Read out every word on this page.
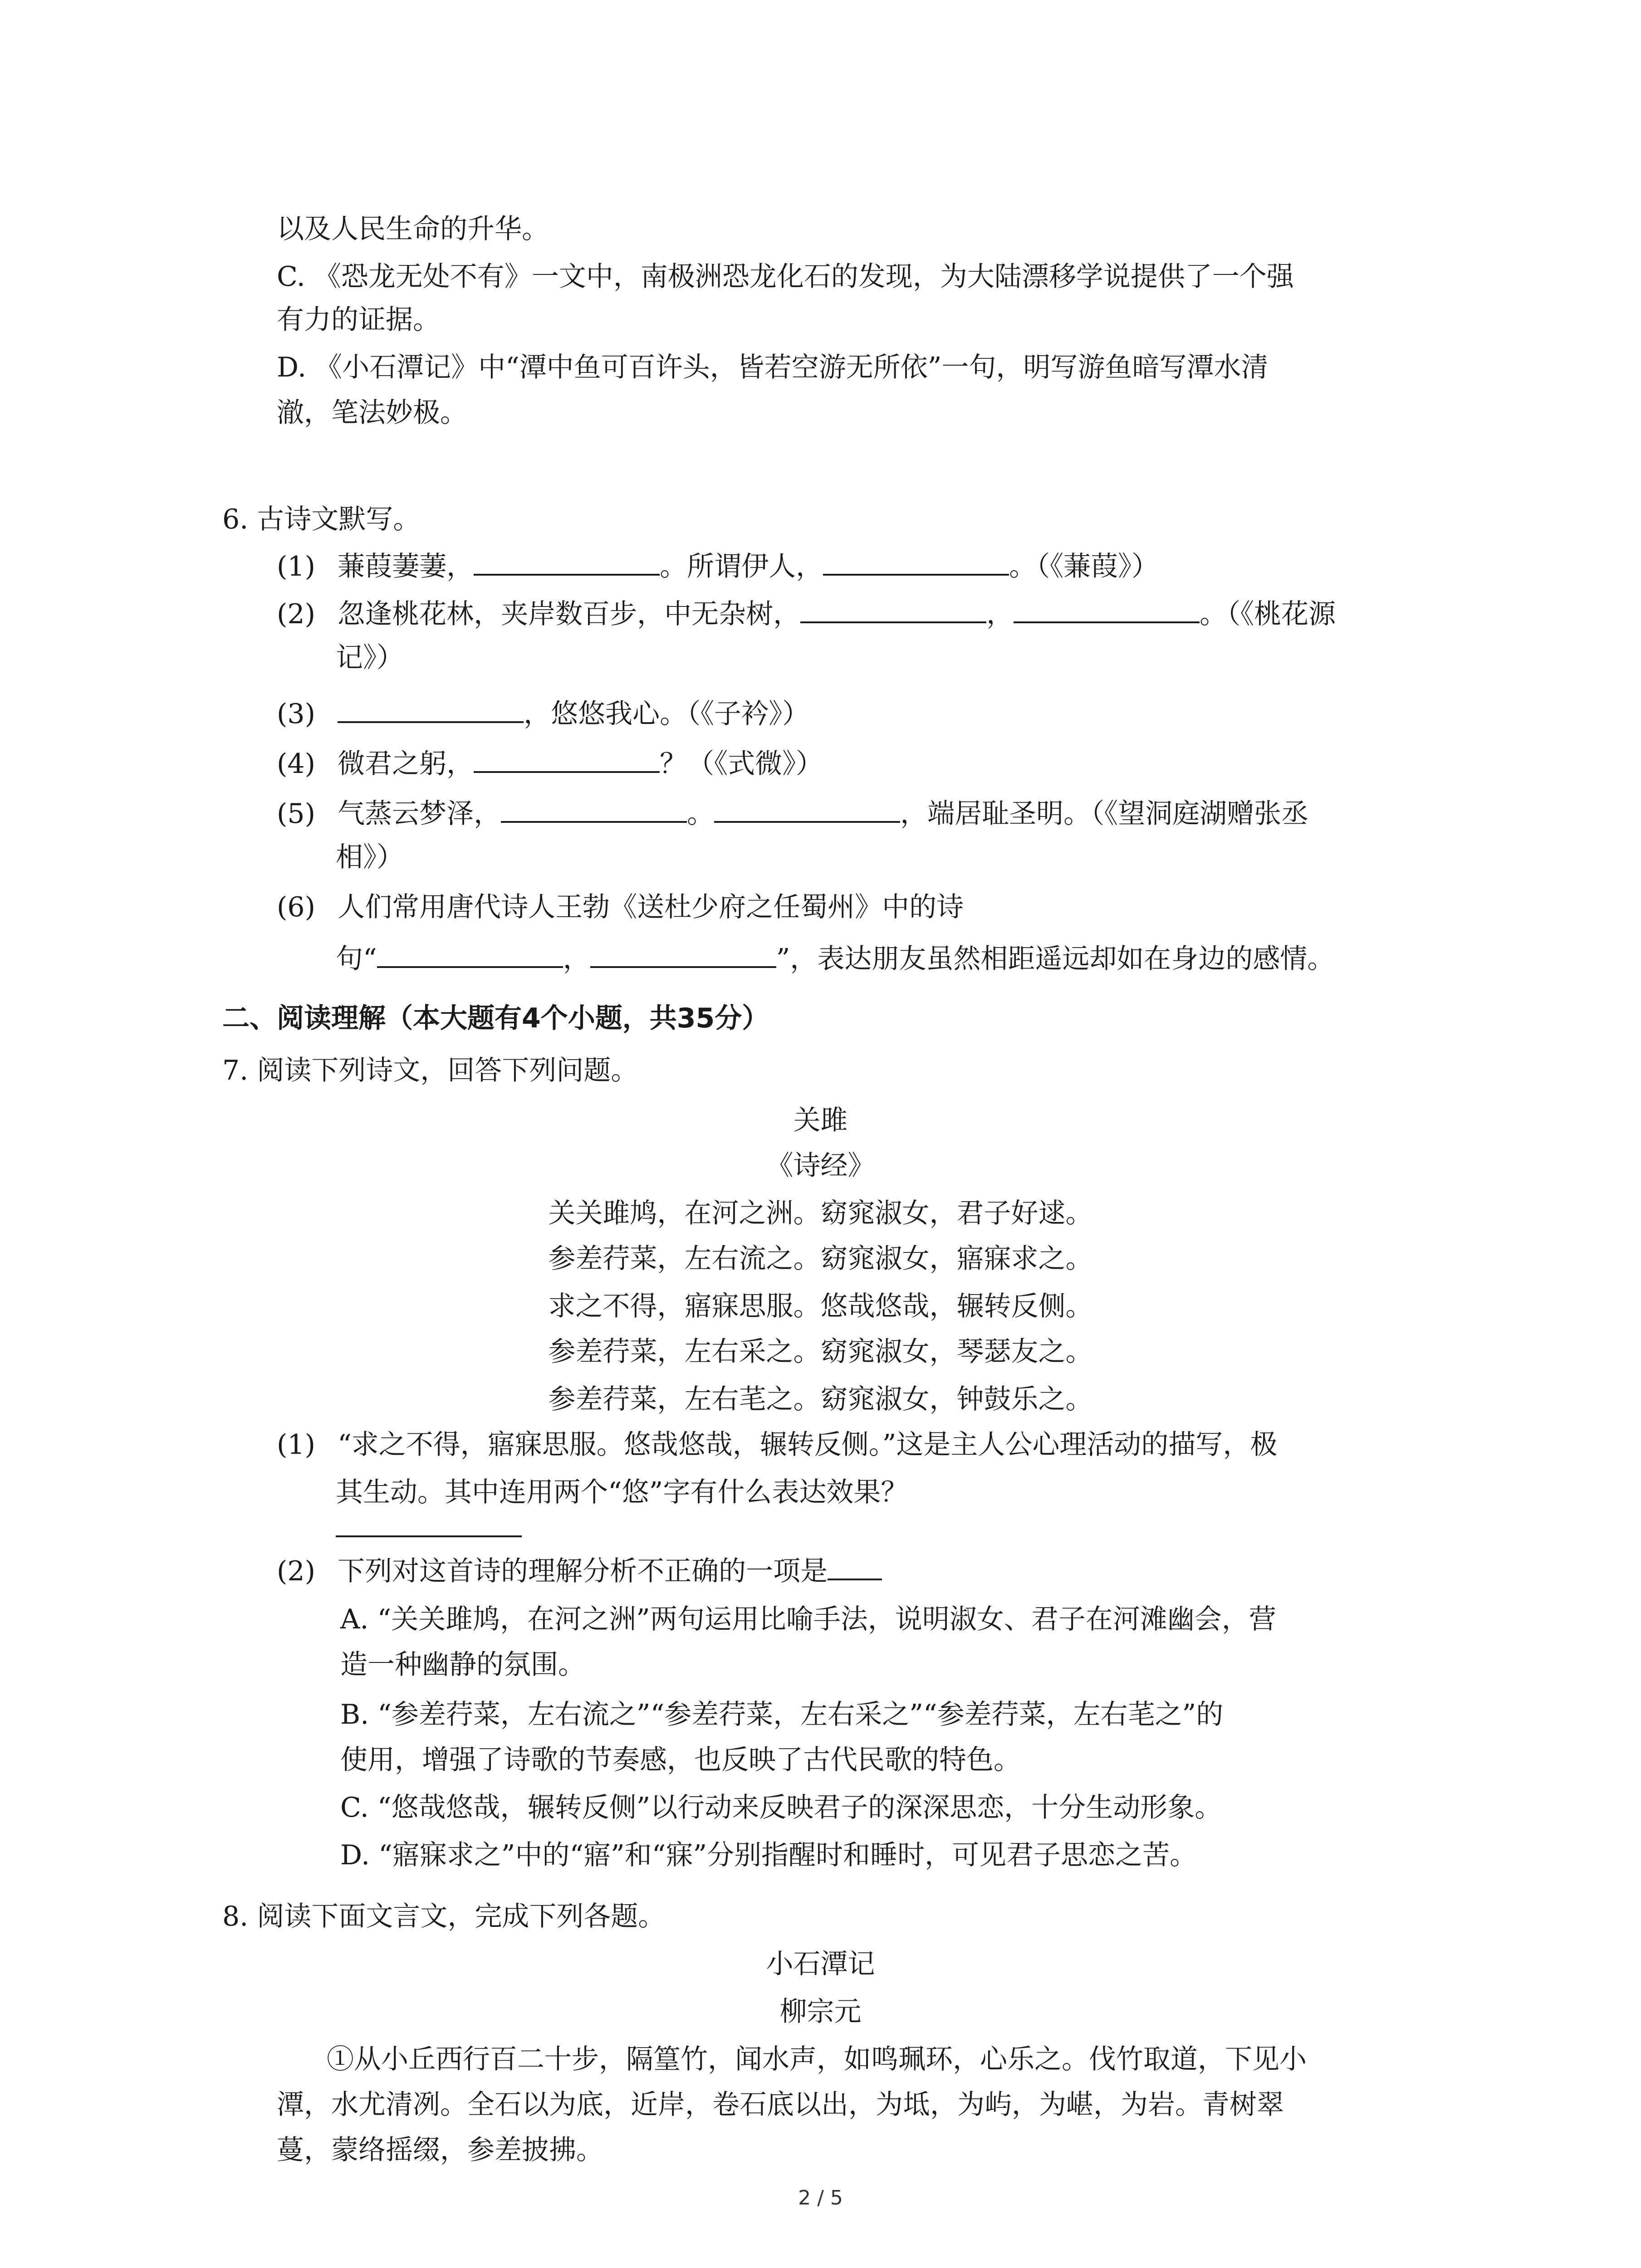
以及人民生命的升华。
C. 《恐龙无处不有》一文中，南极洲恐龙化石的发现，为大陆漂移学说提供了一个强
有力的证据。
D. 《小石潭记》中“潭中鱼可百许头，皆若空游无所依”一句，明写游鱼暗写潭水清
澈，笔法妙极。
6. 古诗文默写。
(1) 蒹葭萋萋，	。所谓伊人，	。（《蒹葭》）
(2) 忽逢桃花林，夹岸数百步，中无杂树，	，	。（《桃花源
记》）
(3)	，悠悠我心。（《子衿》）
(4) 微君之躬，	？（《式微》）
(5) 气蒸云梦泽，	。	，端居耻圣明。（《望洞庭湖赠张丞
相》）
(6) 人们常用唐代诗人王勃《送杜少府之任蜀州》中的诗
句“	，	”，表达朋友虽然相距遥远却如在身边的感情。
二、阅读理解（本大题有4个小题，共35分）
7. 阅读下列诗文，回答下列问题。
关雎
《诗经》
关关雎鸠，在河之洲。窈窕淑女，君子好逑。
参差荇菜，左右流之。窈窕淑女，寤寐求之。
求之不得，寤寐思服。悠哉悠哉，辗转反侧。
参差荇菜，左右采之。窈窕淑女，琴瑟友之。
参差荇菜，左右芼之。窈窕淑女，钟鼓乐之。
(1) “求之不得，寤寐思服。悠哉悠哉，辗转反侧。”这是主人公心理活动的描写，极
其生动。其中连用两个“悠”字有什么表达效果？
(2) 下列对这首诗的理解分析不正确的一项是
A. “关关雎鸠，在河之洲”两句运用比喻手法，说明淑女、君子在河滩幽会，营
造一种幽静的氛围。
B. “参差荇菜，左右流之”“参差荇菜，左右采之”“参差荇菜，左右芼之”的
使用，增强了诗歌的节奏感，也反映了古代民歌的特色。
C. “悠哉悠哉，辗转反侧”以行动来反映君子的深深思恋，十分生动形象。
D. “寤寐求之”中的“寤”和“寐”分别指醒时和睡时，可见君子思恋之苦。
8. 阅读下面文言文，完成下列各题。
小石潭记
柳宗元
①从小丘西行百二十步，隔篁竹，闻水声，如鸣珮环，心乐之。伐竹取道，下见小
潭，水尤清冽。全石以为底，近岸，卷石底以出，为坻，为屿，为嵁，为岩。青树翠
蔓，蒙络摇缀，参差披拂。
2 / 5
